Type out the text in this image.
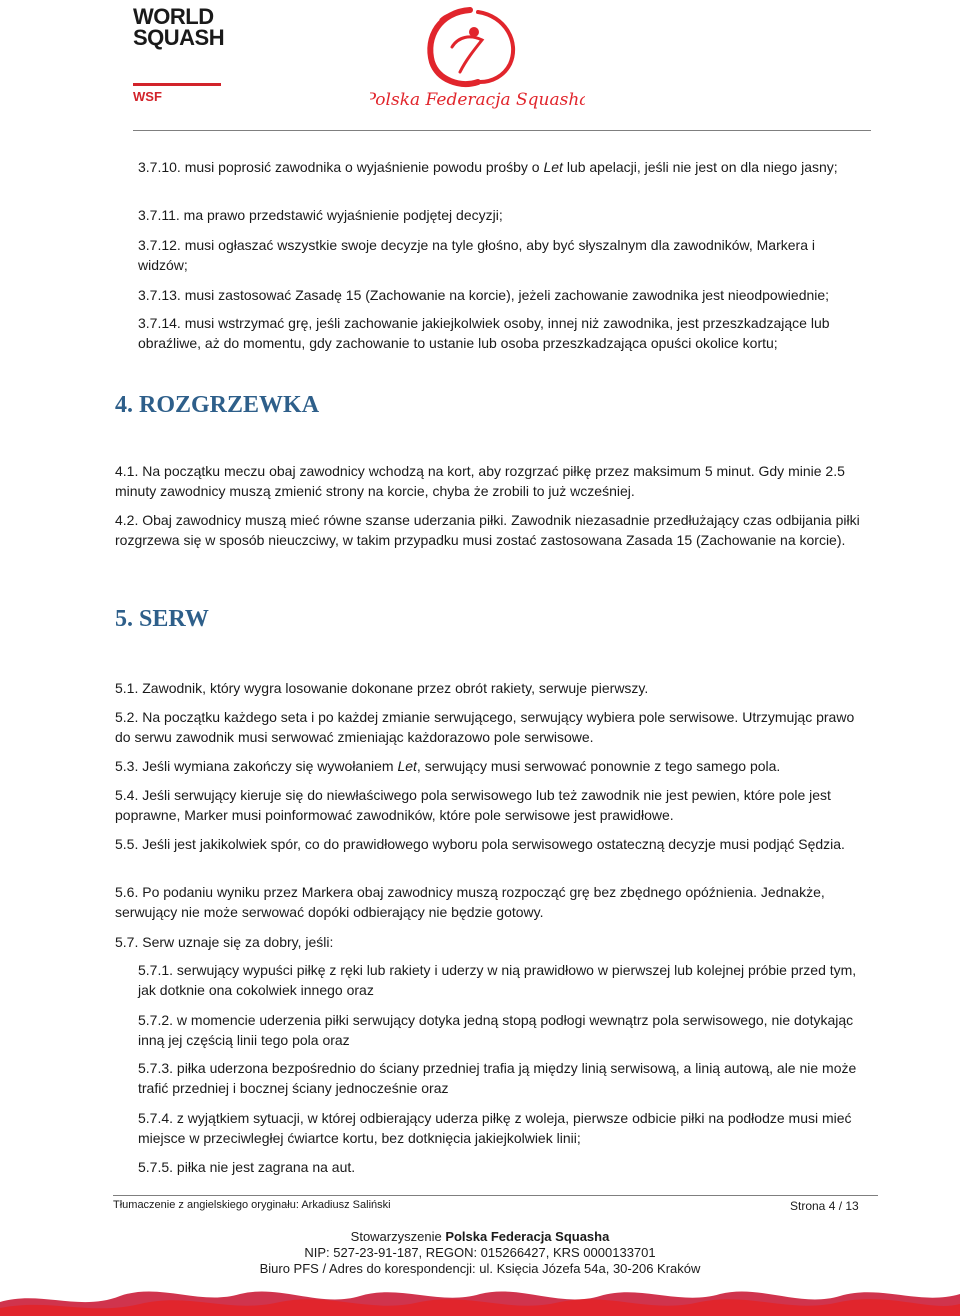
WORLD
SQUASH
WSF	Polska Federacja Squasha

3.7.10. musi poprosić zawodnika o wyjaśnienie powodu prośby o Let lub apelacji, jeśli nie jest on dla niego jasny;

3.7.11. ma prawo przedstawić wyjaśnienie podjętej decyzji;

3.7.12. musi ogłaszać wszystkie swoje decyzje na tyle głośno, aby być słyszalnym dla zawodników, Markera i widzów;

3.7.13. musi zastosować Zasadę 15 (Zachowanie na korcie), jeżeli zachowanie zawodnika jest nieodpowiednie;

3.7.14. musi wstrzymać grę, jeśli zachowanie jakiejkolwiek osoby, innej niż zawodnika, jest przeszkadzające lub obraźliwe, aż do momentu, gdy zachowanie to ustanie lub osoba przeszkadzająca opuści okolice kortu;

4. ROZGRZEWKA

4.1. Na początku meczu obaj zawodnicy wchodzą na kort, aby rozgrzać piłkę przez maksimum 5 minut. Gdy minie 2.5 minuty zawodnicy muszą zmienić strony na korcie, chyba że zrobili to już wcześniej.

4.2. Obaj zawodnicy muszą mieć równe szanse uderzania piłki. Zawodnik niezasadnie przedłużający czas odbijania piłki rozgrzewa się w sposób nieuczciwy, w takim przypadku musi zostać zastosowana Zasada 15 (Zachowanie na korcie).

5. SERW

5.1. Zawodnik, który wygra losowanie dokonane przez obrót rakiety, serwuje pierwszy.

5.2. Na początku każdego seta i po każdej zmianie serwującego, serwujący wybiera pole serwisowe. Utrzymując prawo do serwu zawodnik musi serwować zmieniając każdorazowo pole serwisowe.

5.3. Jeśli wymiana zakończy się wywołaniem Let, serwujący musi serwować ponownie z tego samego pola.

5.4. Jeśli serwujący kieruje się do niewłaściwego pola serwisowego lub też zawodnik nie jest pewien, które pole jest poprawne, Marker musi poinformować zawodników, które pole serwisowe jest prawidłowe.

5.5. Jeśli jest jakikolwiek spór, co do prawidłowego wyboru pola serwisowego ostateczną decyzje musi podjąć Sędzia.

5.6. Po podaniu wyniku przez Markera obaj zawodnicy muszą rozpocząć grę bez zbędnego opóźnienia. Jednakże, serwujący nie może serwować dopóki odbierający nie będzie gotowy.

5.7. Serw uznaje się za dobry, jeśli:

5.7.1. serwujący wypuści piłkę z ręki lub rakiety i uderzy w nią prawidłowo w pierwszej lub kolejnej próbie przed tym, jak dotknie ona cokolwiek innego oraz

5.7.2. w momencie uderzenia piłki serwujący dotyka jedną stopą podłogi wewnątrz pola serwisowego, nie dotykając inną jej częścią linii tego pola oraz

5.7.3. piłka uderzona bezpośrednio do ściany przedniej trafia ją między linią serwisową, a linią autową, ale nie może trafić przedniej i bocznej ściany jednocześnie oraz

5.7.4. z wyjątkiem sytuacji, w której odbierający uderza piłkę z woleja, pierwsze odbicie piłki na podłodze musi mieć miejsce w przeciwległej ćwiartce kortu, bez dotknięcia jakiejkolwiek linii;

5.7.5. piłka nie jest zagrana na aut.

Tłumaczenie z angielskiego oryginału: Arkadiusz Saliński	Strona 4 / 13
Stowarzyszenie Polska Federacja Squasha
NIP: 527-23-91-187, REGON: 015266427, KRS 0000133701
Biuro PFS / Adres do korespondencji: ul. Księcia Józefa 54a, 30-206 Kraków
